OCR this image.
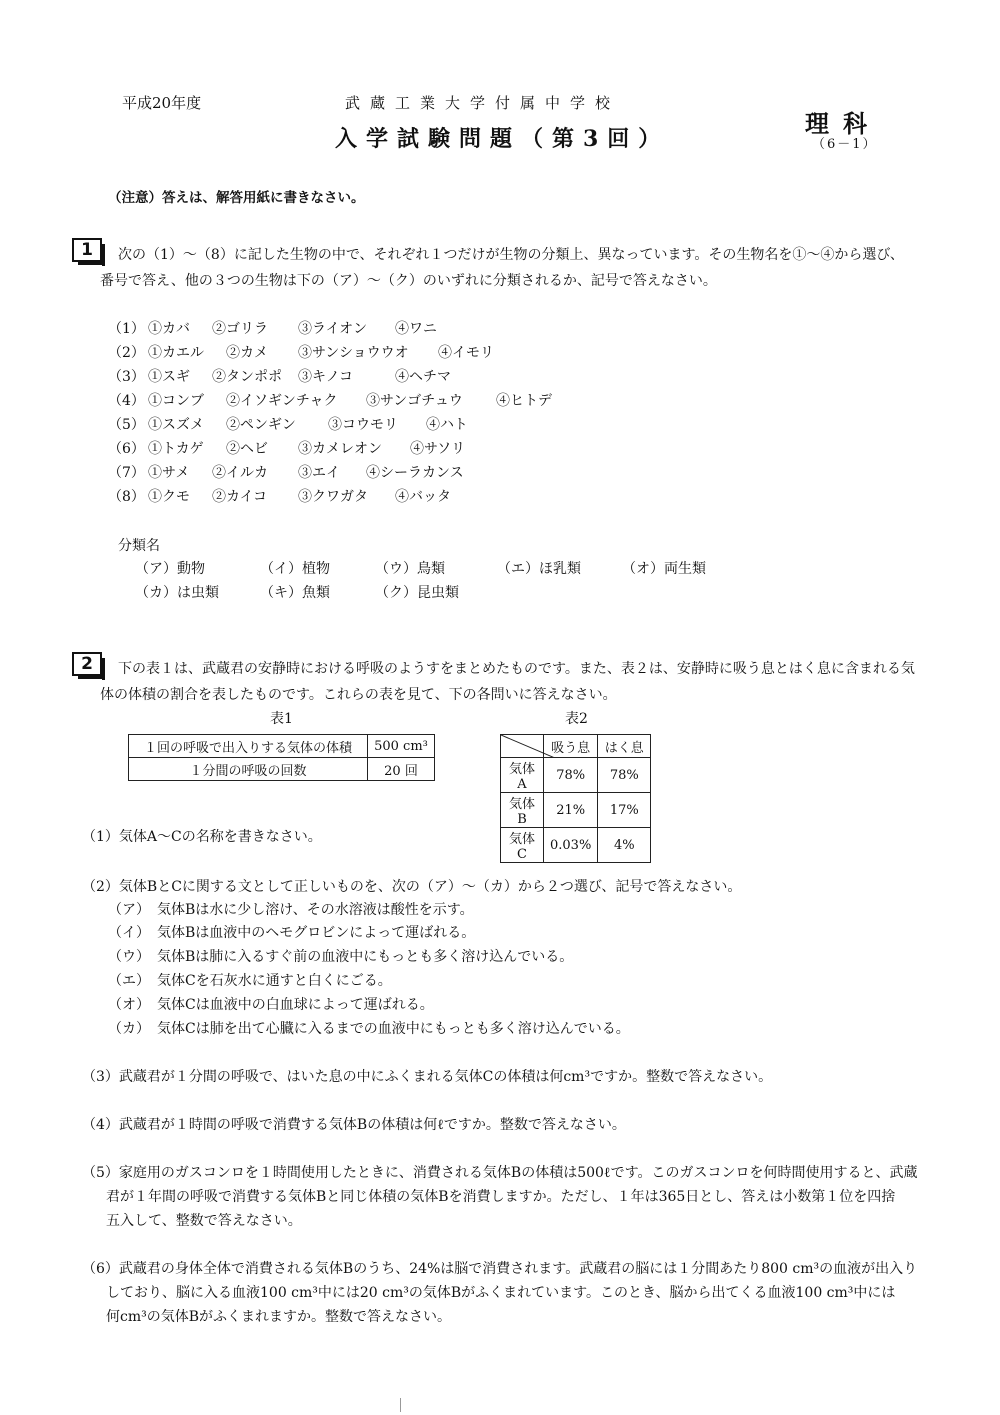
平成20年度	武蔵工業大学付属中学校
入学試験問題（第3回）
理科
（6－1）
（注意）答えは、解答用紙に書きなさい。
1	次の（1）～（8）に記した生物の中で、それぞれ１つだけが生物の分類上、異なっています。その生物名を①～④から選び、
番号で答え、他の３つの生物は下の（ア）～（ク）のいずれに分類されるか、記号で答えなさい。
（1） ①カバ ②ゴリラ ③ライオン ④ワニ
（2） ①カエル ②カメ ③サンショウウオ ④イモリ
（3） ①スギ ②タンポポ ③キノコ	④ヘチマ
（4） ①コンブ ②イソギンチャク ③サンゴチュウ ④ヒトデ
（5） ①スズメ ②ペンギン ③コウモリ ④ハト
（6） ①トカゲ ②ヘビ ③カメレオン ④サソリ
（7） ①サメ ②イルカ ③エイ ④シーラカンス
（8） ①クモ ②カイコ ③クワガタ ④バッタ
分類名
（ア）動物	（イ）植物	（ウ）鳥類	（エ）ほ乳類	（オ）両生類
（カ）は虫類	（キ）魚類	（ク）昆虫類
2	下の表１は、武蔵君の安静時における呼吸のようすをまとめたものです。また、表２は、安静時に吸う息とはく息に含まれる気
体の体積の割合を表したものです。これらの表を見て、下の各問いに答えなさい。
表1
１回の呼吸で出入りする気体の体積	500 cm³
１分間の呼吸の回数	20 回
表2
	吸う息	はく息
気体A	78%	78%
気体B	21%	17%
気体C	0.03%	4%
（1）気体A～Cの名称を書きなさい。
（2）気体BとCに関する文として正しいものを、次の（ア）～（カ）から２つ選び、記号で答えなさい。
（ア）　気体Bは水に少し溶け、その水溶液は酸性を示す。
（イ）　気体Bは血液中のヘモグロビンによって運ばれる。
（ウ）　気体Bは肺に入るすぐ前の血液中にもっとも多く溶け込んでいる。
（エ）　気体Cを石灰水に通すと白くにごる。
（オ）　気体Cは血液中の白血球によって運ばれる。
（カ）　気体Cは肺を出て心臓に入るまでの血液中にもっとも多く溶け込んでいる。
（3）武蔵君が１分間の呼吸で、はいた息の中にふくまれる気体Cの体積は何cm³ですか。整数で答えなさい。
（4）武蔵君が１時間の呼吸で消費する気体Bの体積は何ℓですか。整数で答えなさい。
（5）家庭用のガスコンロを１時間使用したときに、消費される気体Bの体積は500ℓです。このガスコンロを何時間使用すると、武蔵
君が１年間の呼吸で消費する気体Bと同じ体積の気体Bを消費しますか。ただし、１年は365日とし、答えは小数第１位を四捨
五入して、整数で答えなさい。
（6）武蔵君の身体全体で消費される気体Bのうち、24%は脳で消費されます。武蔵君の脳には１分間あたり800 cm³の血液が出入り
しており、脳に入る血液100 cm³中には20 cm³の気体Bがふくまれています。このとき、脳から出てくる血液100 cm³中には
何cm³の気体Bがふくまれますか。整数で答えなさい。
